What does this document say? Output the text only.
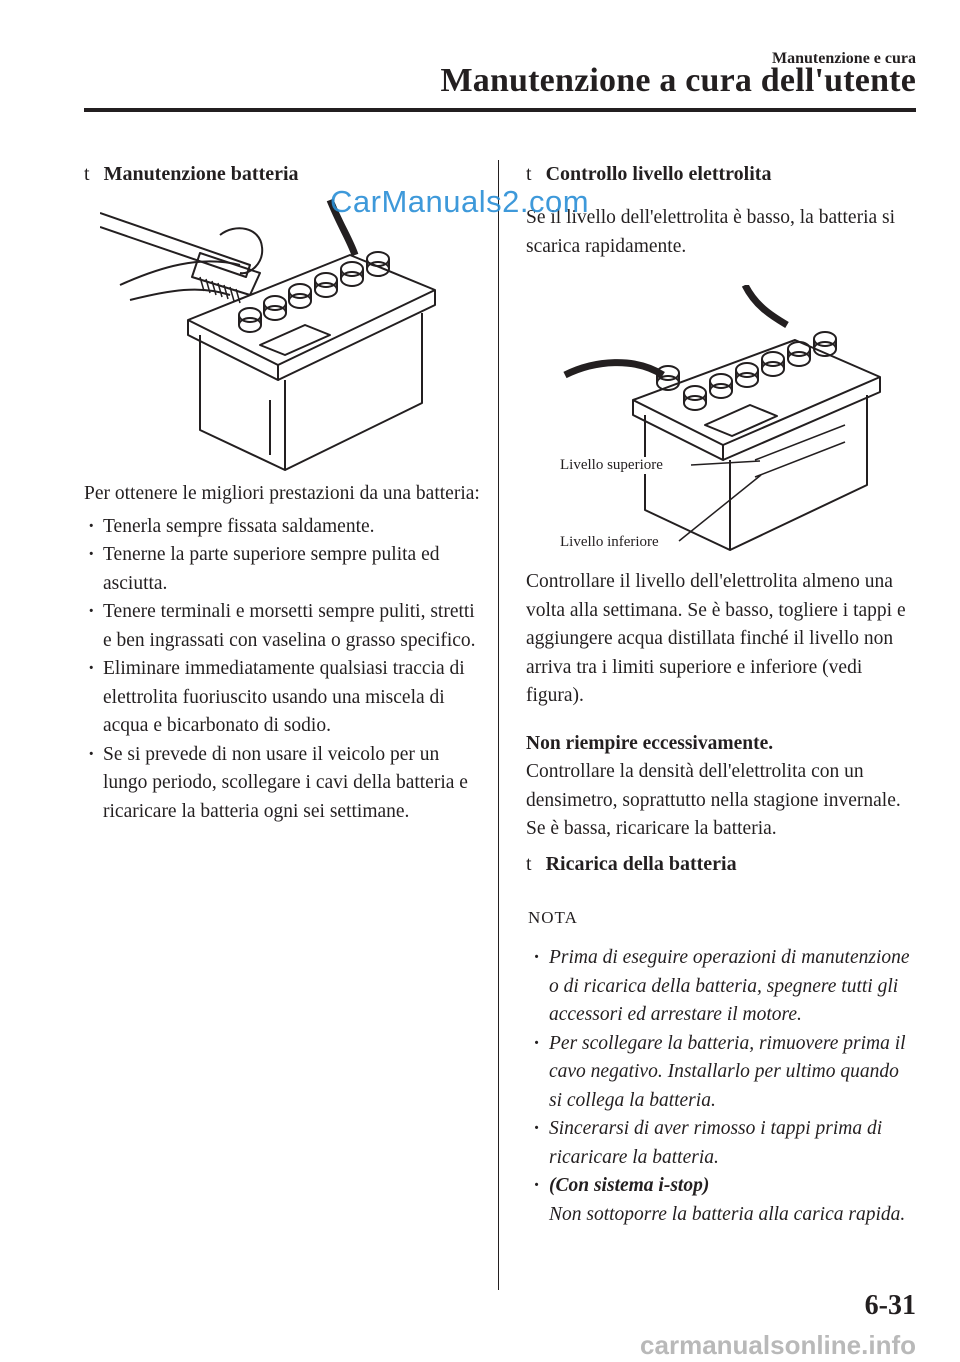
Manutenzione e cura
Manutenzione a cura dell'utente
t Manutenzione batteria

Per ottenere le migliori prestazioni da una batteria:

· Tenerla sempre fissata saldamente.
· Tenerne la parte superiore sempre pulita ed asciutta.
· Tenere terminali e morsetti sempre puliti, stretti e ben ingrassati con vaselina o grasso specifico.
· Eliminare immediatamente qualsiasi traccia di elettrolita fuoriuscito usando una miscela di acqua e bicarbonato di sodio.
· Se si prevede di non usare il veicolo per un lungo periodo, scollegare i cavi della batteria e ricaricare la batteria ogni sei settimane.
t Controllo livello elettrolita
Se il livello dell'elettrolita è basso, la batteria si scarica rapidamente.
Livello superiore
Livello inferiore
Controllare il livello dell'elettrolita almeno una volta alla settimana. Se è basso, togliere i tappi e aggiungere acqua distillata finché il livello non arriva tra i limiti superiore e inferiore (vedi figura).
Non riempire eccessivamente.
Controllare la densità dell'elettrolita con un densimetro, soprattutto nella stagione invernale. Se è bassa, ricaricare la batteria.
t Ricarica della batteria
NOTA
· Prima di eseguire operazioni di manutenzione o di ricarica della batteria, spegnere tutti gli accessori ed arrestare il motore.
· Per scollegare la batteria, rimuovere prima il cavo negativo. Installarlo per ultimo quando si collega la batteria.
· Sincerarsi di aver rimosso i tappi prima di ricaricare la batteria.
· (Con sistema i-stop)
Non sottoporre la batteria alla carica rapida.
CarManuals2.com
6-31
carmanualsonline.info
